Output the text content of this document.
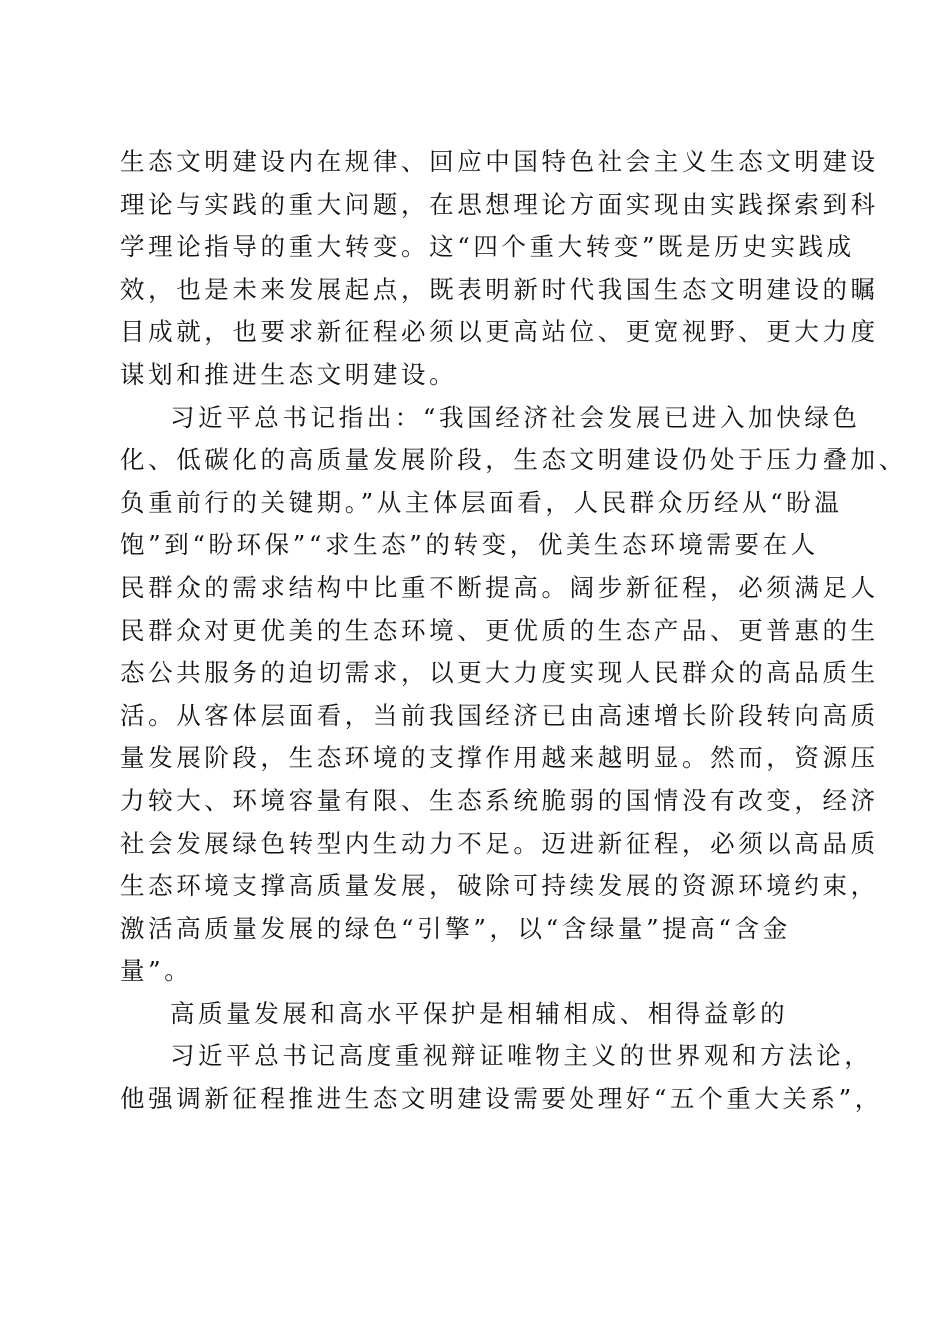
生态文明建设内在规律、回应中国特色社会主义生态文明建设
理论与实践的重大问题，在思想理论方面实现由实践探索到科
学理论指导的重大转变。这“四个重大转变”既是历史实践成
效，也是未来发展起点，既表明新时代我国生态文明建设的瞩
目成就，也要求新征程必须以更高站位、更宽视野、更大力度
谋划和推进生态文明建设。
习近平总书记指出：“我国经济社会发展已进入加快绿色
化、低碳化的高质量发展阶段，生态文明建设仍处于压力叠加、
负重前行的关键期。”从主体层面看，人民群众历经从“盼温
饱”到“盼环保”“求生态”的转变，优美生态环境需要在人
民群众的需求结构中比重不断提高。阔步新征程，必须满足人
民群众对更优美的生态环境、更优质的生态产品、更普惠的生
态公共服务的迫切需求，以更大力度实现人民群众的高品质生
活。从客体层面看，当前我国经济已由高速增长阶段转向高质
量发展阶段，生态环境的支撑作用越来越明显。然而，资源压
力较大、环境容量有限、生态系统脆弱的国情没有改变，经济
社会发展绿色转型内生动力不足。迈进新征程，必须以高品质
生态环境支撑高质量发展，破除可持续发展的资源环境约束，
激活高质量发展的绿色“引擎”，以“含绿量”提高“含金
量”。
高质量发展和高水平保护是相辅相成、相得益彰的
习近平总书记高度重视辩证唯物主义的世界观和方法论，
他强调新征程推进生态文明建设需要处理好“五个重大关系”，
